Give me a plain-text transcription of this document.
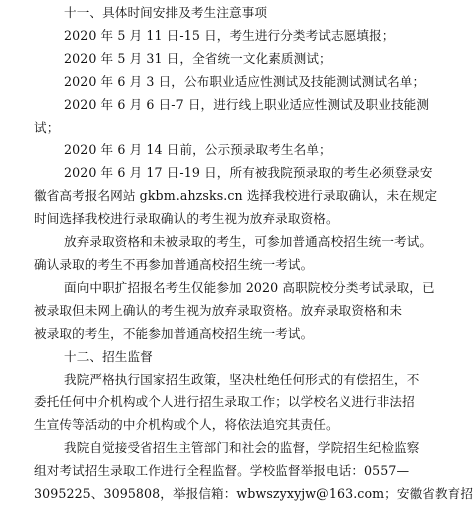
十一、具体时间安排及考生注意事项
2020 年 5 月 11 日-15 日，考生进行分类考试志愿填报；
2020 年 5 月 31 日，全省统一文化素质测试；
2020 年 6 月 3 日，公布职业适应性测试及技能测试测试名单；
2020 年 6 月 6 日-7 日，进行线上职业适应性测试及职业技能测
试；
2020 年 6 月 14 日前，公示预录取考生名单；
2020 年 6 月 17 日-19 日，所有被我院预录取的考生必须登录安
徽省高考报名网站 gkbm.ahzsks.cn 选择我校进行录取确认，未在规定
时间选择我校进行录取确认的考生视为放弃录取资格。
放弃录取资格和未被录取的考生，可参加普通高校招生统一考试。
确认录取的考生不再参加普通高校招生统一考试。
面向中职扩招报名考生仅能参加 2020 高职院校分类考试录取，已
被录取但未网上确认的考生视为放弃录取资格。放弃录取资格和未
被录取的考生，不能参加普通高校招生统一考试。
十二、招生监督
我院严格执行国家招生政策，坚决杜绝任何形式的有偿招生，不
委托任何中介机构或个人进行招生录取工作；以学校名义进行非法招
生宣传等活动的中介机构或个人，将依法追究其责任。
我院自觉接受省招生主管部门和社会的监督，学院招生纪检监察
组对考试招生录取工作进行全程监督。学校监督举报电话：0557—
3095225、3095808，举报信箱：wbwszyxyjw@163.com；安徽省教育招
